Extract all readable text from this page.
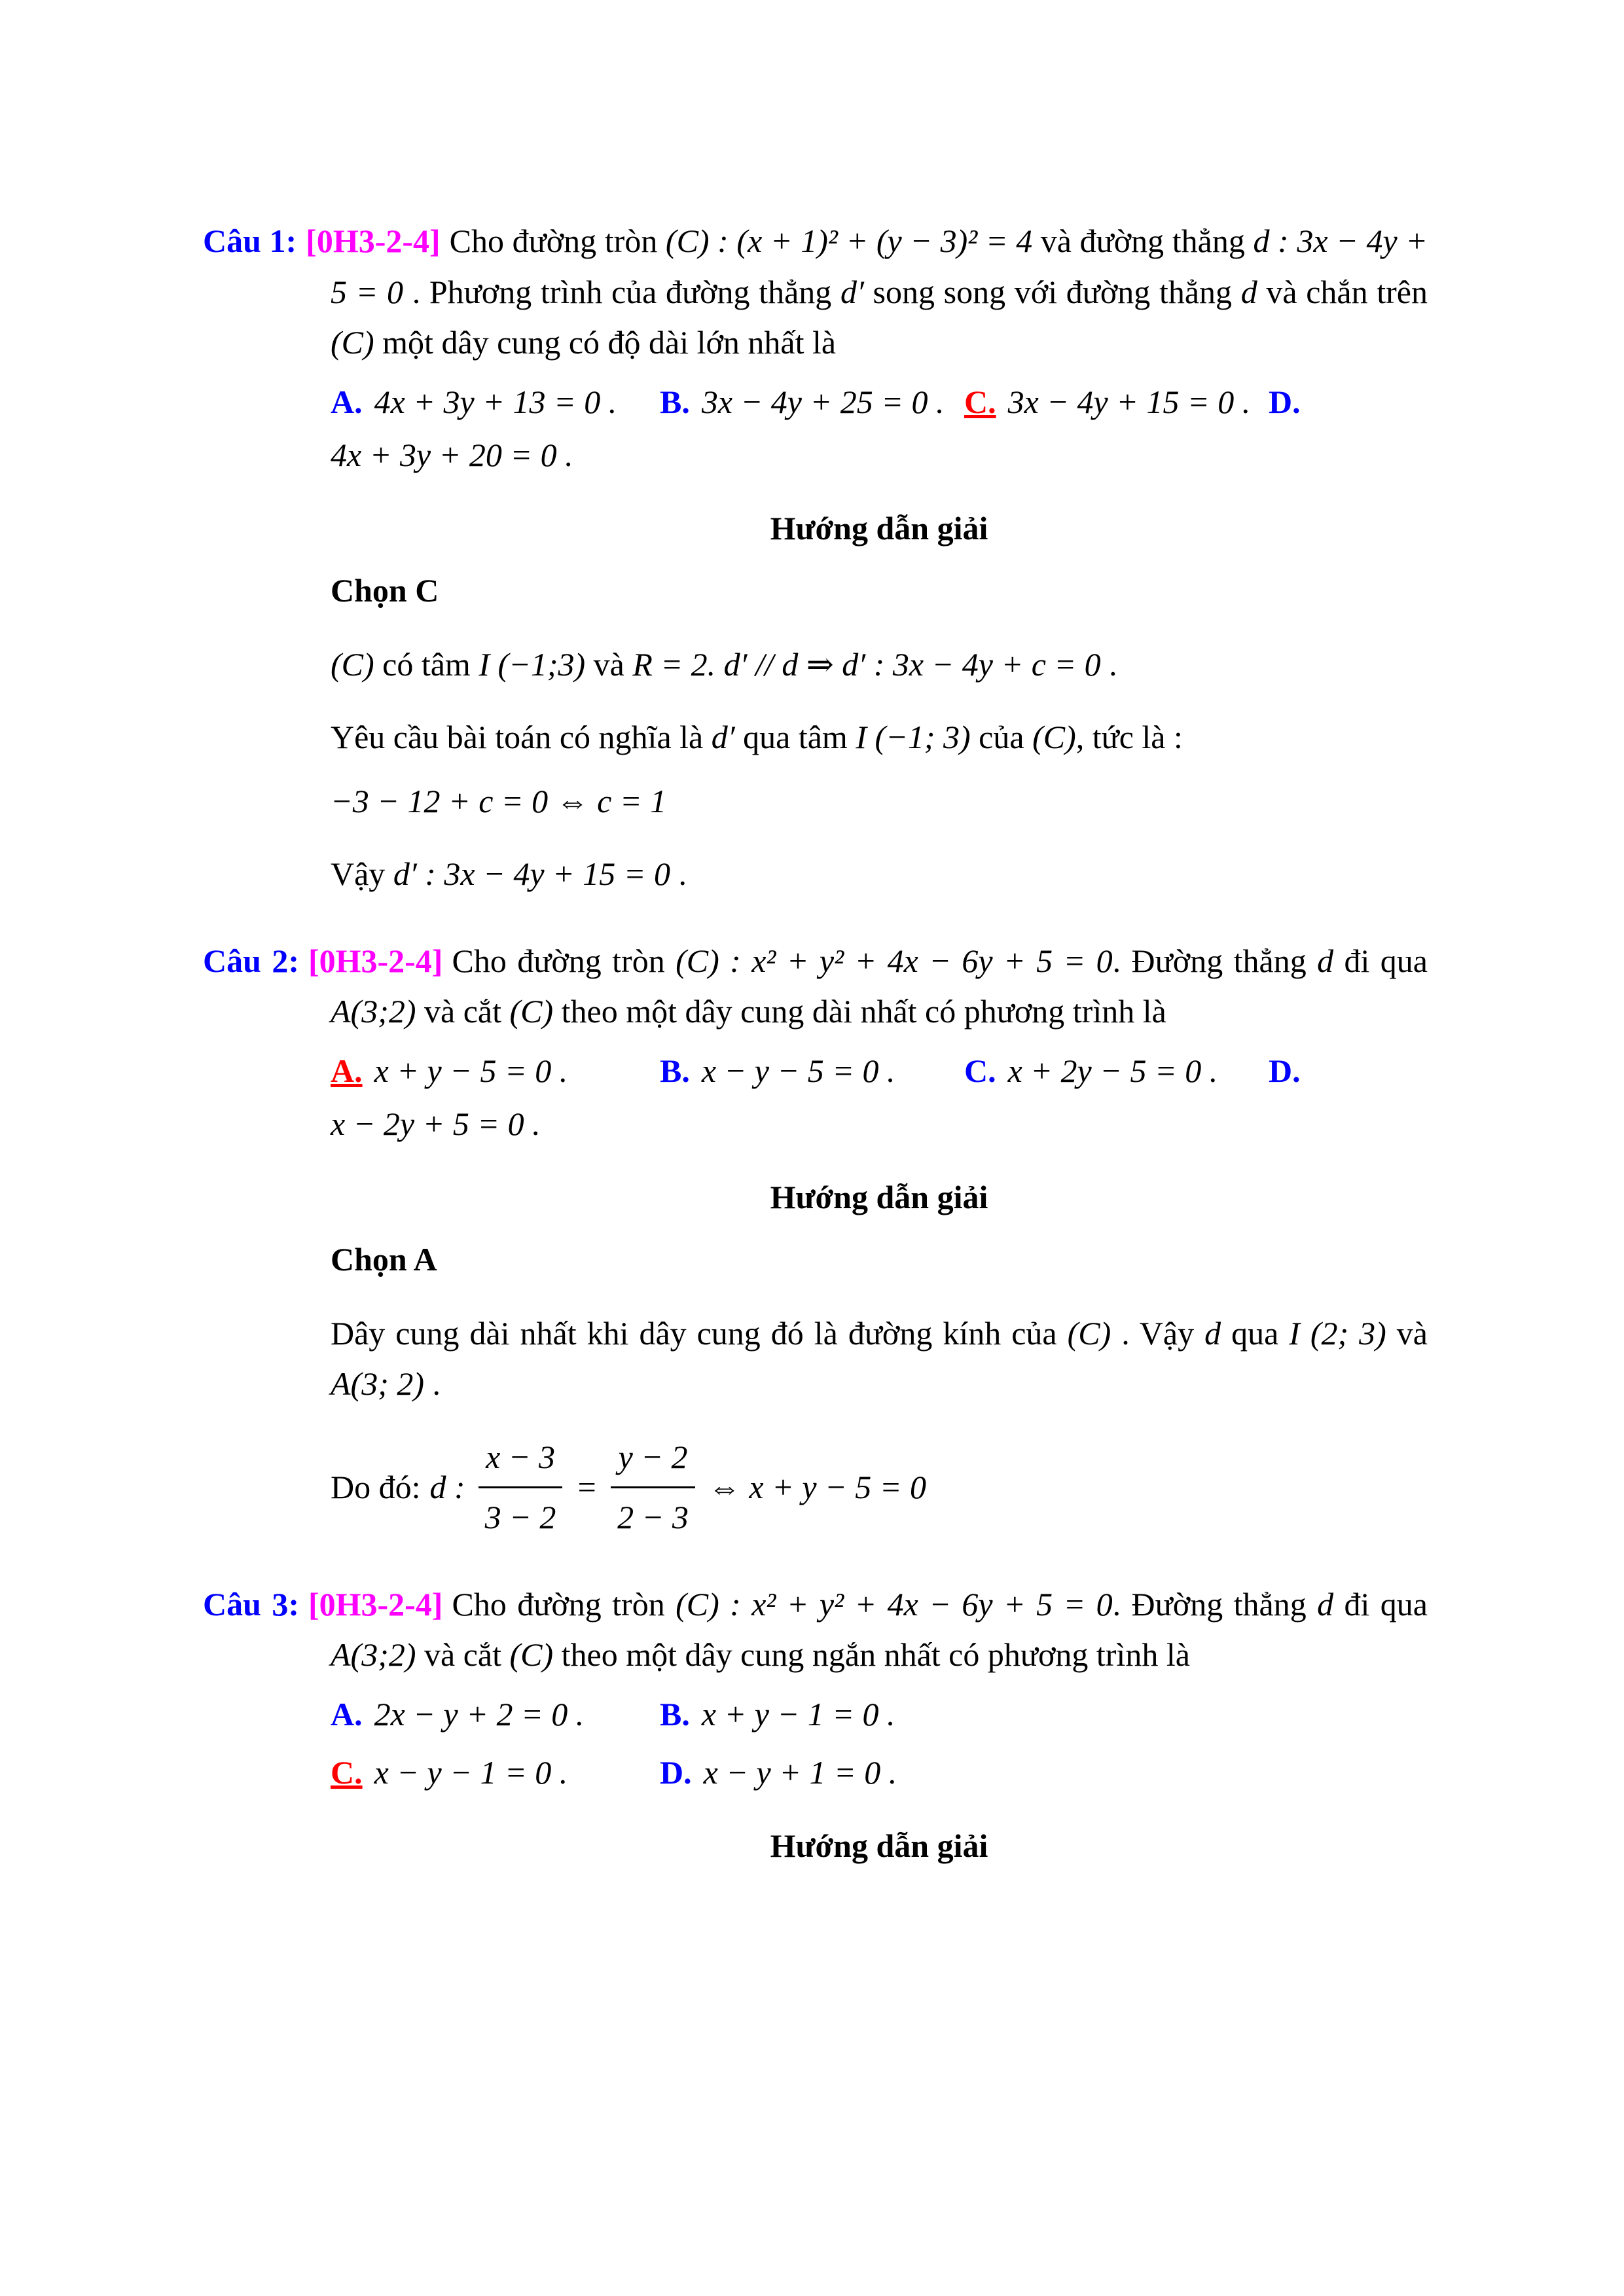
Câu 1: [0H3-2-4] Cho đường tròn (C) : (x + 1)² + (y − 3)² = 4 và đường thẳng d : 3x − 4y + 5 = 0 . Phương trình của đường thẳng d′ song song với đường thẳng d và chắn trên (C) một dây cung có độ dài lớn nhất là

A. 4x + 3y + 13 = 0 . B. 3x − 4y + 25 = 0 . C. 3x − 4y + 15 = 0 . D.
4x + 3y + 20 = 0 .
Hướng dẫn giải

Chọn C

(C) có tâm I (−1;3) và R = 2. d′ // d ⇒ d′ : 3x − 4y + c = 0 .

Yêu cầu bài toán có nghĩa là d′ qua tâm I (−1; 3) của (C), tức là :

−3 − 12 + c = 0 ⇔ c = 1

Vậy d′ : 3x − 4y + 15 = 0 .

Câu 2: [0H3-2-4] Cho đường tròn (C) : x² + y² + 4x − 6y + 5 = 0. Đường thẳng d đi qua A(3;2) và cắt (C) theo một dây cung dài nhất có phương trình là

A. x + y − 5 = 0 .	B. x − y − 5 = 0 . C. x + 2y − 5 = 0 . D.
x − 2y + 5 = 0 .
Hướng dẫn giải

Chọn A

Dây cung dài nhất khi dây cung đó là đường kính của (C) . Vậy d qua I (2; 3) và A(3; 2) .

Do đó: d : $\frac{x - 3}{3 - 2} = \frac{y - 2}{2 - 3}$ ⇔ x + y − 5 = 0

Câu 3: [0H3-2-4] Cho đường tròn (C) : x² + y² + 4x − 6y + 5 = 0. Đường thẳng d đi qua A(3;2) và cắt (C) theo một dây cung ngắn nhất có phương trình là

A. 2x − y + 2 = 0 . B. x + y − 1 = 0 .
C. x − y − 1 = 0 .	D. x − y + 1 = 0 .
Hướng dẫn giải
